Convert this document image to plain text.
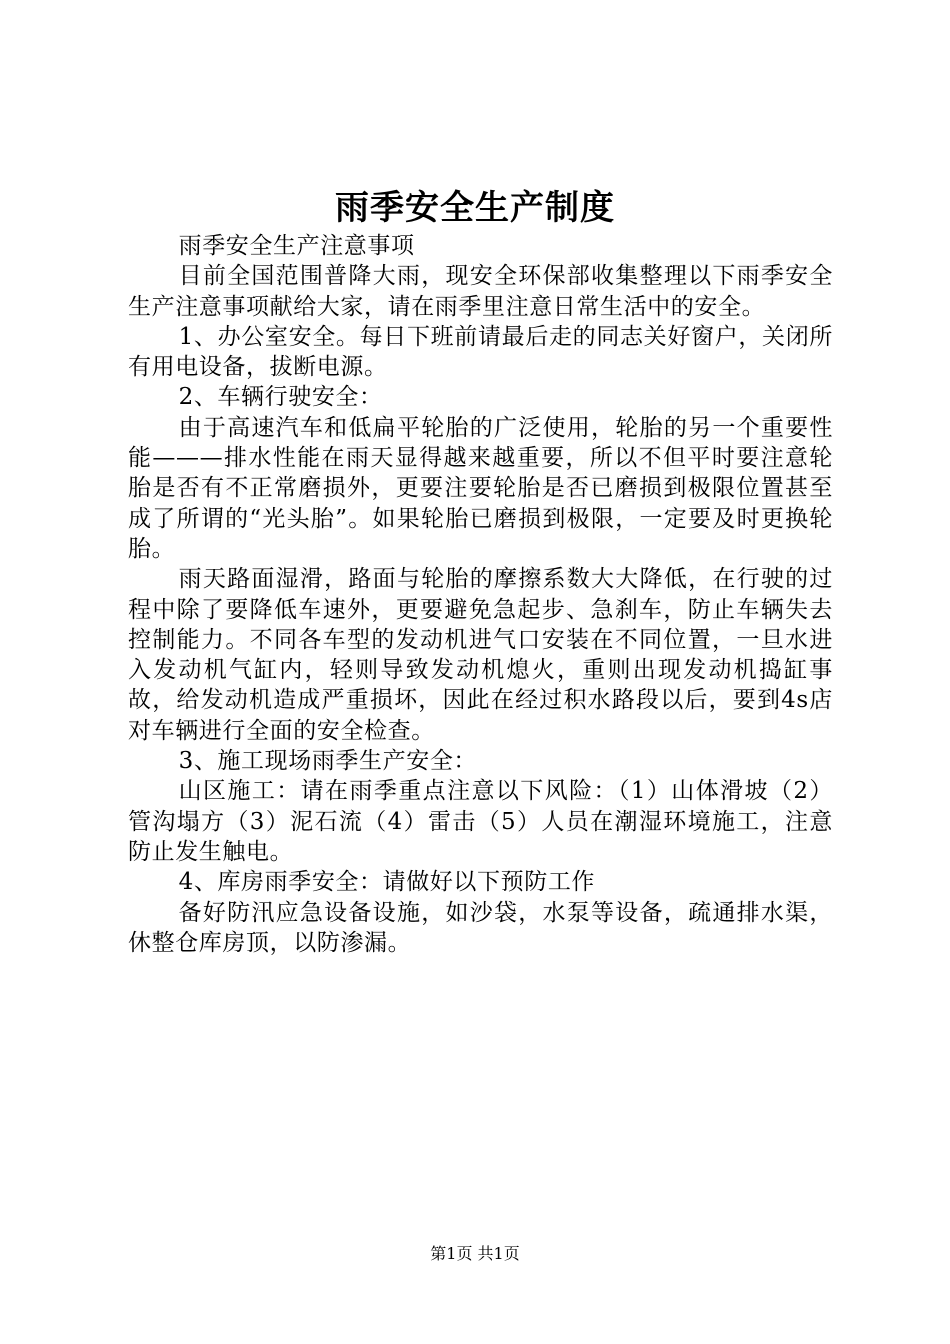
雨季安全生产制度

雨季安全生产注意事项

目前全国范围普降大雨，现安全环保部收集整理以下雨季安全生产注意事项献给大家，请在雨季里注意日常生活中的安全。

1、办公室安全。每日下班前请最后走的同志关好窗户，关闭所有用电设备，拔断电源。

2、车辆行驶安全：

由于高速汽车和低扁平轮胎的广泛使用，轮胎的另一个重要性能———排水性能在雨天显得越来越重要，所以不但平时要注意轮胎是否有不正常磨损外，更要注要轮胎是否已磨损到极限位置甚至成了所谓的“光头胎”。如果轮胎已磨损到极限，一定要及时更换轮胎。

雨天路面湿滑，路面与轮胎的摩擦系数大大降低，在行驶的过程中除了要降低车速外，更要避免急起步、急刹车，防止车辆失去控制能力。不同各车型的发动机进气口安装在不同位置，一旦水进入发动机气缸内，轻则导致发动机熄火，重则出现发动机捣缸事故，给发动机造成严重损坏，因此在经过积水路段以后，要到4s店对车辆进行全面的安全检查。

3、施工现场雨季生产安全：

山区施工：请在雨季重点注意以下风险：（1）山体滑坡（2）管沟塌方（3）泥石流（4）雷击（5）人员在潮湿环境施工，注意防止发生触电。

4、库房雨季安全：请做好以下预防工作

备好防汛应急设备设施，如沙袋，水泵等设备，疏通排水渠，休整仓库房顶，以防渗漏。

第1页 共1页
